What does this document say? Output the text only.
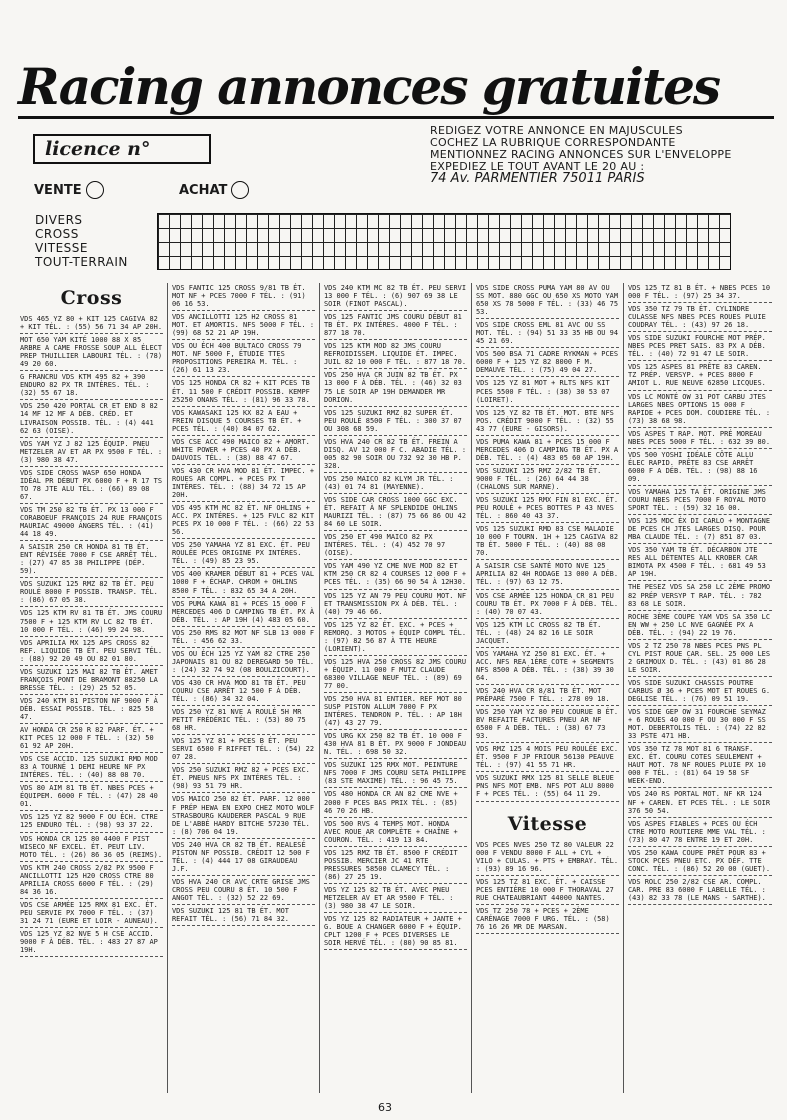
Racing annonces gratuites
licence n°
REDIGEZ VOTRE ANNONCE EN MAJUSCULES
COCHEZ LA RUBRIQUE CORRESPONDANTE
MENTIONNEZ RACING ANNONCES SUR L'ENVELOPPE
EXPEDIEZ LE TOUT AVANT LE 20 AU :
74 Av. PARMENTIER 75011 PARIS
VENTE	ACHAT
DIVERS
CROSS
VITESSE
TOUT-TERRAIN
Cross
VDS 465 YZ 80 + KIT 125 CAGIVA 82 + KIT TÉL. : (55) 56 71 34 AP 20H.
MOT 650 YAM KITÉ 1000 88 X 85 ARBRE A CAME FROSSE SOUP ALL ÉLECT PREP THUILLIER LABOURI TÉL. : (78) 49 20 60.
G FRANCRU VDS KTM 495 82 + 390 ENDURO 82 PX TR INTÈRES. TÉL. : (32) 55 67 18.
VDS 250 420 PORTAL CR ET END 8 82 14 MF 12 MF A DÉB. CRÉD. ET LIVRAISON POSSIB. TÉL. : (4) 441 62 63 (OISE).
VDS YAM YZ J 82 125 ÉQUIP. PNEU METZELER AV ET AR PX 9500 F TÉL. : (3) 980 38 47.
VDS SIDE CROSS WASP 650 HONDA IDÉAL PR DÉBUT PX 6000 F + R 17 TS TO 78 JTE ALU TÉL. : (66) 89 08 67.
VDS TM 250 82 TB ÉT. PX 13 000 F CORABOEUF FRANÇOIS 24 RUE FRANÇOIS MAURIAC 49000 ANGERS TÉL. : (41) 44 18 49.
A SAISIR 250 CR HONDA 81 TB ÉT. ENT RÉVISÉE 7000 F CSE ARRÊT TÉL. : (27) 47 85 38 PHILIPPE (DÉP. 59).
VDS SUZUKI 125 RMZ 82 TB ÉT. PEU ROULÉ 8000 F POSSIB. TRANSP. TÉL. : (86) 67 05 38.
VDS 125 KTM RV 81 TB ÉT. JMS COURU 7500 F + 125 KTM RV LC 82 TB ÉT. 10 000 F TÉL. : (46) 99 24 98.
VDS APRILIA MX 125 APS CROSS 82 REF. LIQUIDE TB ÉT. PEU SERVI TÉL. : (88) 92 20 49 OU 82 01 80.
VDS SUZUKI 125 MAI 82 TB ÉT. AMET FRANÇOIS PONT DE BRAMONT 88250 LA BRESSE TÉL. : (29) 25 52 05.
VDS 240 KTM 81 PISTON NF 9000 F À DÉB. ESSAI POSSIB. TÉL. : 825 58 47.
AV HONDA CR 250 R 82 PARF. ÉT. + KIT PCES 12 000 F TÉL. : (32) 50 61 92 AP 20H.
VDS CSE ACCID. 125 SUZUKI RMD MOD 83 A TOURNÉ 1 DEMI HEURE NF PX INTÉRES. TÉL. : (40) 88 08 70.
VDS 80 AIM 81 TB ÉT. NBES PCES + ÉQUIPEM. 6000 F TÉL. : (47) 28 40 01.
VDS 125 YZ 82 9000 F OU ÉCH. CTRE 125 ENDURO TÉL. : (98) 93 37 22.
VDS HONDA CR 125 80 4400 F PIST WISECO NF EXCEL. ÉT. PEUT LIV. MOTO TÉL. : (26) 86 36 05 (REIMS).
VDS KTM 240 CROSS 2/82 PX 9500 F ANCILLOTTI 125 H20 CROSS CTRE 80 APRILIA CROSS 6000 F TÉL. : (29) 84 36 16.
VDS CSE ARMÉE 125 RMX 81 EXC. ÉT. PEU SERVIE PX 7000 F TÉL. : (37) 31 24 71 (EURE ET LOIR - AUNEAU).
VDS 125 YZ 82 NVE 5 H CSE ACCID. 9000 F À DÉB. TÉL. : 483 27 87 AP 19H.
VDS FANTIC 125 CROSS 9/81 TB ÉT. MOT NF + PCES 7000 F TÉL. : (91) 06 16 53.
VDS ANCILLOTTI 125 H2 CROSS 81 MOT. ET AMORTIS. NFS 5000 F TÉL. : (99) 68 52 21 AP 19H.
VDS OU ÉCH 400 BULTACO CROSS 79 MOT. NF 5000 F, ÉTUDIE TTES PROPOSITIONS PEREIRA M. TÉL. : (26) 61 13 23.
VDS 125 HONDA CR 82 + KIT PCES TB ÉT. 11 500 F CRÉDIT POSSIB. KEMPF 25250 ONANS TÉL. : (81) 96 33 78.
VDS KAWASAKI 125 KX 82 A EAU + FREIN DISQUE 5 COURSES TB ÉT. + PCES TÉL. : (40) 84 07 62.
VDS CSE ACC 490 MAICO 82 + AMORT. WHITE POWER + PCES 40 PX A DÉB. DAUVOIS TÉL. : (38) 88 47 67.
VDS 430 CR HVA MOD 81 ÉT. IMPEC. + ROUES AR COMPL. + PCES PX T INTÉRES. TÉL. : (88) 34 72 15 AP 20H.
VDS 495 KTM MC 82 ÉT. NF OHLINS + ACC. PX INTÉRES. + 125 FVLC 82 KIT PCES PX 10 000 F TÉL. : (66) 22 53 56.
VDS 250 YAMAHA YZ 81 EXC. ÉT. PEU ROULÉE PCES ORIGINE PX INTÉRES. TÉL. : (49) 85 23 95.
VDS 400 KRAMER DÉBUT 81 + PCES VAL 1000 F + ÉCHAP. CHROM + OHLINS 8500 F TÉL. : 832 65 34 A 20H.
VDS PUMA KAWA 81 + PCES 15 000 F MERCEDES 406 D CAMPING TB ÉT. PX À DÉB. TÉL. : AP 19H (4) 483 05 60.
VDS 250 RMS 82 MOT NF SLB 13 000 F TÉL. : 456 62 33.
VDS OU ÉCH 125 YZ YAM 82 CTRE 250 JAPONAIS 81 OU 82 DEREGARD 50 TÉL. : (24) 32 74 92 (08 BOULZICOURT).
VDS 430 CR HVA MOD 81 TB ÉT. PEU COURU CSE ARRÊT 12 500 F À DÉB. TÉL. : (86) 34 32 04.
VDS 250 YZ 81 NVE A ROULÉ 5H MR PETIT FRÉDÉRIC TÉL. : (53) 80 75 68 HR.
VDS 125 YZ 81 + PCES B ÉT. PEU SERVI 6500 F RIFFET TÉL. : (54) 22 07 28.
VDS 250 SUZUKI RMZ 82 + PCES EXC. ÉT. PNEUS NFS PX INTÉRES TÉL. : (98) 93 51 79 HR.
VDS MAICO 250 82 ÉT. PARF. 12 000 F PRÉP HEWA EN EXPO CHEZ MOTO WOLF STRASBOURG KAUDERER PASCAL 9 RUE DE L'ABBÉ HARDY BITCHE 57230 TÉL. : (8) 706 04 19.
VDS 240 HVA CR 82 TB ÉT. REALESÉ PISTON NF POSSIB. CRÉDIT 12 500 F TÉL. : (4) 444 17 08 GIRAUDEAU J.F.
VDS HVA 240 CR AVC CRTE GRISE JMS CROSS PEU COURU 8 ÉT. 10 500 F ANGOT TÉL. : (32) 52 22 69.
VDS SUZUKI 125 81 TB ÉT. MOT REFAIT TÉL. : (56) 71 84 32.
VDS 240 KTM MC 82 TB ÉT. PEU SERVI 13 000 F TÉL. : (6) 907 69 38 LE SOIR (FINOT PASCAL).
VDS 125 FANTIC JMS COURU DÉBUT 81 TB ÉT. PX INTÉRES. 4000 F TÉL. : 877 18 70.
VDS 125 KTM MOD 82 JMS COURU REFROIDISSEM. LIQUIDE ÉT. IMPEC. JUIL 82 10 000 F TÉL. : 877 18 70.
VDS 250 HVA CR JUIN 82 TB ÉT. PX 13 000 F À DÉB. TÉL. : (46) 32 03 75 LE SOIR AP 19H DEMANDER MR DORION.
VDS 125 SUZUKI RMZ 82 SUPER ÉT. PEU ROULÉ 8500 F TÉL. : 300 37 07 OU 308 68 59.
VDS HVA 240 CR 82 TB ÉT. FREIN A DISQ. AV 12 000 F C. ABADIE TÉL. : 005 82 90 SOIR OU 732 92 30 HB P. 328.
VDS 250 MAICO 82 KLYM JR TÉL. : (43) 01 74 81 (MAYENNE).
VDS SIDE CAR CROSS 1000 GGC EXC. ÉT. REFAIT À NF SPLENDIDE OHLINS MAURIZI TÉL. : (87) 75 66 86 OU 42 84 60 LE SOIR.
VDS 250 ET 490 MAICO 82 PX INTÉRES. TÉL. : (4) 452 70 97 (OISE).
VDS YAM 490 YZ CME NVE MOD 82 ET KTM 250 CR 82 4 COURSES 12 000 F + PCES TÉL. : (35) 66 90 54 À 12H30.
VDS 125 YZ AN 79 PEU COURU MOT. NF ET TRANSMISSION PX À DÉB. TÉL. : (40) 79 46 66.
VDS 125 YZ 82 ÉT. EXC. + PCES + REMORQ. 3 MOTOS + ÉQUIP COMPL TÉL. : (97) 82 56 87 À TTE HEURE (LORIENT).
VDS 125 HVA 250 CROSS 82 JMS COURU + ÉQUIP. 11 000 F MUTZ CLAUDE 68300 VILLAGE NEUF TÉL. : (89) 69 77 00.
VDS 250 HVA 81 ENTIER. REF MOT 80 SUSP PISTON ALLUM 7000 F PX INTÉRES. TENDRON P. TÉL. : AP 18H (47) 43 27 79.
VDS URG KX 250 82 TB ÉT. 10 000 F 430 HVA 81 B ÉT. PX 9000 F JONDEAU N. TÉL. : 698 50 32.
VDS SUZUKI 125 RMX MOT. PEINTURE NFS 7000 F JMS COURU SETA PHILIPPE (83 STE MAXIME) TÉL. : 96 45 75.
VDS 480 HONDA CR AN 82 CME NVE + 2000 F PCES BAS PRIX TÉL. : (85) 46 70 26 HB.
VDS 500 RVS 4 TEMPS MOT. HONDA AVEC ROUE AR COMPLÈTE + CHAÎNE + COURON. TÉL. : 419 13 84.
VDS 125 RMZ TB ÉT. 8500 F CRÉDIT POSSIB. MERCIER JC 41 RTE PRESSURES 58500 CLAMECY TÉL. : (86) 27 25 19.
VDS YZ 125 82 TB ÉT. AVEC PNEU METZELER AV ET AR 9500 F TÉL. : (3) 980 38 47 LE SOIR.
VDS YZ 125 82 RADIATEUR + JANTE + G. BOUE A CHANGER 6000 F + ÉQUIP. CPLT 1200 F + PCES DIVERSES LE SOIR HERVÉ TÉL. : (80) 90 85 81.
VDS SIDE CROSS PUMA YAM 80 AV OU SS MOT. 880 GGC OU 650 XS MOTO YAM 650 XS 78 5000 F TÉL. : (33) 46 75 53.
VDS SIDE CROSS EML 81 AVC OU SS MOT. TÉL. : (94) 51 33 35 HB OU 94 45 21 69.
VDS 500 BSA 71 CADRE RYKMAN + PCES 6000 F + 125 YZ 82 8000 F M. DEMAUVE TÉL. : (75) 49 04 27.
VDS 125 YZ 81 MOT + RLTS NFS KIT PCES 5500 F TÉL. : (38) 30 53 07 (LOIRET).
VDS 125 YZ 82 TB ÉT. MOT. BTE NFS POS. CRÉDIT 9000 F TÉL. : (32) 55 43 77 (EURE - GISORS).
VDS PUMA KAWA 81 + PCES 15 000 F MERCEDES 406 D CAMPING TB ÉT. PX A DÉB. TÉL. : (4) 483 05 60 AP 19H.
VDS SUZUKI 125 RMZ 2/82 TB ÉT. 9000 F TÉL. : (26) 64 44 38 (CHALONS SUR MARNE).
VDS SUZUKI 125 RMX FIN 81 EXC. ÉT. PEU ROULÉ + PCES BOTTES P 43 NVES TÉL. : 860 40 43 37.
VDS 125 SUZUKI RMD 83 CSE MALADIE 10 000 F TOURN. 1H + 125 CAGIVA 82 TB ÉT. 5000 F TÉL. : (40) 88 08 70.
A SAISIR CSE SANTÉ MOTO NVE 125 APRILIA 82 4H RODAGE 13 000 A DÉB. TÉL. : (97) 63 12 75.
VDS CSE ARMÉE 125 HONDA CR 81 PEU COURU TB ÉT. PX 7000 F À DÉB. TÉL. : (40) 70 07 43.
VDS 125 KTM LC CROSS 82 TB ÉT. TÉL. : (48) 24 82 16 LE SOIR JACQUET.
VDS YAMAHA YZ 250 81 EXC. ÉT. + ACC. NFS REA 1ÈRE COTE + SEGMENTS NFS 8500 A DÉB. TÉL. : (38) 39 30 64.
VDS 240 HVA CR 8/81 TB ÉT. MOT PRÉPARÉ 7500 F TÉL. : 278 09 18.
VDS 250 YAM YZ 80 PEU COURUE B ÉT. BV REFAITE FACTURES PNEU AR NF 6500 F A DÉB. TÉL. : (38) 67 73 93.
VDS RMZ 125 4 MOIS PEU ROULÉE EXC. ÉT. 9500 F JP FRIOUR 56130 PEAUVE TÉL. : (97) 41 55 71 HR.
VDS SUZUKI RMX 125 81 SELLE BLEUE PNS NFS MOT EMB. NFS POT ALU 8000 F + PCES TÉL. : (55) 64 11 29.
Vitesse
VDS PCES NVES 250 TZ 80 VALEUR 22 000 F VENDU 8000 F ALL + CYL + VILO + CULAS. + PTS + EMBRAY. TÉL. : (93) 89 16 96.
VDS 125 TZ 81 EXC. ÉT. + CAISSE PCES ENTIÈRE 10 000 F THORAVAL 27 RUE CHATEAUBRIANT 44000 NANTES.
VDS TZ 250 78 + PCES + 2ÈME CARÉNAGE 7000 F URG. TÉL. : (58) 76 16 26 MR DE MARSAN.
VDS 125 TZ 81 B ÉT. + NBES PCES 10 000 F TÉL. : (97) 25 34 37.
VDS 350 TZ 79 TB ÉT. CYLINDRE CULASSE NFS NBES PCES ROUES PLUIE COUDRAY TÉL. : (43) 97 26 18.
VDS SIDE SUZUKI FOURCHE MOT PRÉP. NBES PCES PRET SAIS. 83 PX A DÉB. TÉL. : (40) 72 91 47 LE SOIR.
VDS 125 ASPES 81 PRÊTE 83 CAREN. TZ PRÉP. VERSYP. + PCES 8000 F AMIOT L. RUE NEUVE 62850 LICQUES.
VDS LC MONTÉ OW 31 POT CARBU JTES LARGES NBES OPTIONS 15 000 F RAPIDE + PCES DOM. COUDIERE TÉL. : (73) 38 68 98.
VDS ASPES T RAP. MOT. PRÉ MOREAU NBES PCES 5000 F TÉL. : 632 39 80.
VDS 500 YOSHI IDÉALE CÔTE ALLU ÉLEC RAPID. PRÊTE 83 CSE ARRÊT 6000 F A DÉB. TÉL. : (98) 88 16 09.
VDS YAMAHA 125 TA ÉT. ORIGINE JMS COURU NBES PCES 7000 F ROYAL MOTO SPORT TÉL. : (59) 32 16 00.
VDS 125 MDC ÉX DI CARLO + MONTAGNE DE PCES CH JTES LARGES DISQ. POUR MBA CLAUDE TÉL. : (7) 851 87 03.
VDS 350 YAM TB ÉT. DÉCARBON JTE RES ALL DÉTENTES ALL KROBER CAR BIMOTA PX 4500 F TÉL. : 681 49 53 AP 19H.
THE PESEZ VDS SA 250 LC 2ÈME PROMO 82 PRÉP VERSYP T RAP. TÉL. : 782 83 68 LE SOIR.
ROCHE 3ÈME COUPE YAM VDS SA 350 LC EN WW + 250 LC NVE GAGNÉE PX A DÉB. TÉL. : (94) 22 19 76.
VDS 2 TZ 250 78 NBES PCES PNS PL CYL PIST ROUE CAR. SEL. 25 000 LES 2 GRIMOUX D. TÉL. : (43) 01 86 28 LE SOIR.
VDS SIDE SUZUKI CHASSIS POUTRE CARBUS Ø 36 + PCES MOT ET ROUES G. DEGLISE TÉL. : (76) 09 51 19.
VDS SIDE GEP OW 31 FOURCHE SEYMAZ + 6 ROUES 40 000 F OU 30 000 F SS MOT. DEBERTOLIS TÉL. : (74) 22 82 33 PSTE 471 HB.
VDS 350 TZ 78 MOT 81 6 TRANSF. EXC. ÉT. COURU COTES SEULEMENT + HAUT MOT. 78 NF ROUES PLUIE PX 10 000 F TÉL. : (81) 64 19 58 SF WEEK-END.
VDS 240 RS PORTAL MOT. NF KR 124 NF + CAREN. ET PCES TÉL. : LE SOIR 376 50 54.
VDS ASPES FIABLES + PCES OU ÉCH CTRE MOTO ROUTIERE MME VAL TÉL. : (73) 80 47 78 ENTRE 19 ET 20H.
VDS 250 KAWA COUPE PRÊT POUR 83 + STOCK PCES PNEU ETC. PX DÉF. TTE CONC. TÉL. : (86) 52 20 00 (GUET).
VDS ROLC 250 2/82 CSE AR. COMPL. CAR. PRE 83 6000 F LABELLE TÉL. : (43) 82 33 78 (LE MANS - SARTHE).
63
